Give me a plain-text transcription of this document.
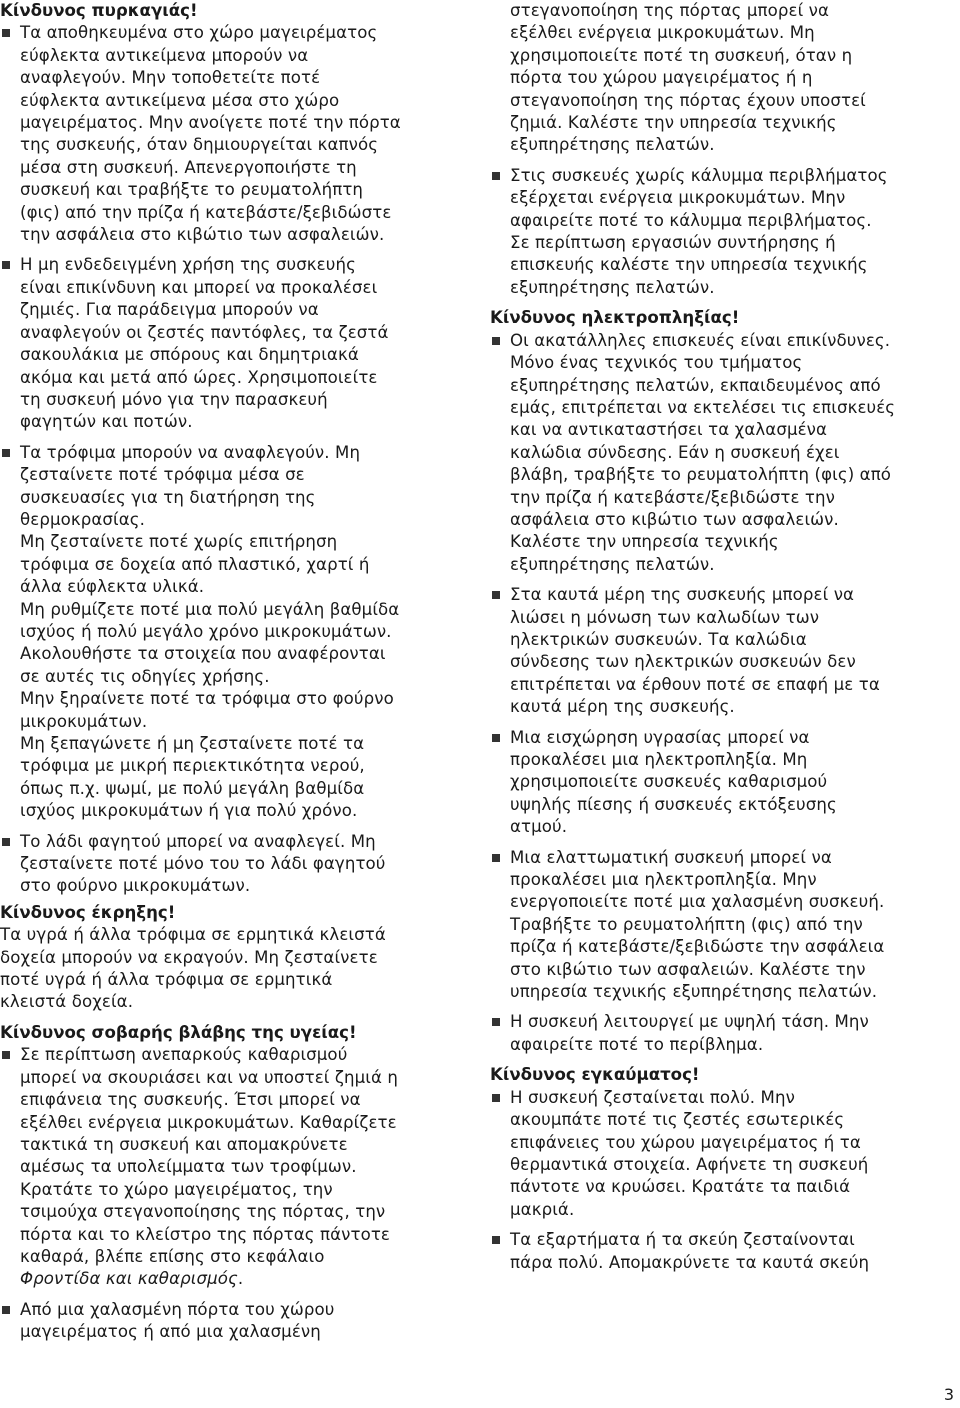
Κίνδυνος πυρκαγιάς!

Τα αποθηκευμένα στο χώρο μαγειρέματος
εύφλεκτα αντικείμενα μπορούν να
αναφλεγούν. Μην τοποθετείτε ποτέ
εύφλεκτα αντικείμενα μέσα στο χώρο
μαγειρέματος. Μην ανοίγετε ποτέ την πόρτα
της συσκευής, όταν δημιουργείται καπνός
μέσα στη συσκευή. Απενεργοποιήστε τη
συσκευή και τραβήξτε το ρευματολήπτη
(φις) από την πρίζα ή κατεβάστε/ξεβιδώστε
την ασφάλεια στο κιβώτιο των ασφαλειών.

Η μη ενδεδειγμένη χρήση της συσκευής
είναι επικίνδυνη και μπορεί να προκαλέσει
ζημιές. Για παράδειγμα μπορούν να
αναφλεγούν οι ζεστές παντόφλες, τα ζεστά
σακουλάκια με σπόρους και δημητριακά
ακόμα και μετά από ώρες. Χρησιμοποιείτε
τη συσκευή μόνο για την παρασκευή
φαγητών και ποτών.

Τα τρόφιμα μπορούν να αναφλεγούν. Μη
ζεσταίνετε ποτέ τρόφιμα μέσα σε
συσκευασίες για τη διατήρηση της
θερμοκρασίας.
Μη ζεσταίνετε ποτέ χωρίς επιτήρηση
τρόφιμα σε δοχεία από πλαστικό, χαρτί ή
άλλα εύφλεκτα υλικά.
Μη ρυθμίζετε ποτέ μια πολύ μεγάλη βαθμίδα
ισχύος ή πολύ μεγάλο χρόνο μικροκυμάτων.
Ακολουθήστε τα στοιχεία που αναφέρονται
σε αυτές τις οδηγίες χρήσης.
Μην ξηραίνετε ποτέ τα τρόφιμα στο φούρνο
μικροκυμάτων.
Μη ξεπαγώνετε ή μη ζεσταίνετε ποτέ τα
τρόφιμα με μικρή περιεκτικότητα νερού,
όπως π.χ. ψωμί, με πολύ μεγάλη βαθμίδα
ισχύος μικροκυμάτων ή για πολύ χρόνο.

Το λάδι φαγητού μπορεί να αναφλεγεί. Μη
ζεσταίνετε ποτέ μόνο του το λάδι φαγητού
στο φούρνο μικροκυμάτων.

Κίνδυνος έκρηξης!

Τα υγρά ή άλλα τρόφιμα σε ερμητικά κλειστά
δοχεία μπορούν να εκραγούν. Μη ζεσταίνετε
ποτέ υγρά ή άλλα τρόφιμα σε ερμητικά
κλειστά δοχεία.

Κίνδυνος σοβαρής βλάβης της υγείας!

Σε περίπτωση ανεπαρκούς καθαρισμού
μπορεί να σκουριάσει και να υποστεί ζημιά η
επιφάνεια της συσκευής. Έτσι μπορεί να
εξέλθει ενέργεια μικροκυμάτων. Καθαρίζετε
τακτικά τη συσκευή και απομακρύνετε
αμέσως τα υπολείμματα των τροφίμων.
Κρατάτε το χώρο μαγειρέματος, την
τσιμούχα στεγανοποίησης της πόρτας, την
πόρτα και το κλείστρο της πόρτας πάντοτε
καθαρά, βλέπε επίσης στο κεφάλαιο
Φροντίδα και καθαρισμός.

Από μια χαλασμένη πόρτα του χώρου
μαγειρέματος ή από μια χαλασμένη

στεγανοποίηση της πόρτας μπορεί να
εξέλθει ενέργεια μικροκυμάτων. Μη
χρησιμοποιείτε ποτέ τη συσκευή, όταν η
πόρτα του χώρου μαγειρέματος ή η
στεγανοποίηση της πόρτας έχουν υποστεί
ζημιά. Καλέστε την υπηρεσία τεχνικής
εξυπηρέτησης πελατών.

Στις συσκευές χωρίς κάλυμμα περιβλήματος
εξέρχεται ενέργεια μικροκυμάτων. Μην
αφαιρείτε ποτέ το κάλυμμα περιβλήματος.
Σε περίπτωση εργασιών συντήρησης ή
επισκευής καλέστε την υπηρεσία τεχνικής
εξυπηρέτησης πελατών.

Κίνδυνος ηλεκτροπληξίας!

Οι ακατάλληλες επισκευές είναι επικίνδυνες.
Μόνο ένας τεχνικός του τμήματος
εξυπηρέτησης πελατών, εκπαιδευμένος από
εμάς, επιτρέπεται να εκτελέσει τις επισκευές
και να αντικαταστήσει τα χαλασμένα
καλώδια σύνδεσης. Εάν η συσκευή έχει
βλάβη, τραβήξτε το ρευματολήπτη (φις) από
την πρίζα ή κατεβάστε/ξεβιδώστε την
ασφάλεια στο κιβώτιο των ασφαλειών.
Καλέστε την υπηρεσία τεχνικής
εξυπηρέτησης πελατών.

Στα καυτά μέρη της συσκευής μπορεί να
λιώσει η μόνωση των καλωδίων των
ηλεκτρικών συσκευών. Τα καλώδια
σύνδεσης των ηλεκτρικών συσκευών δεν
επιτρέπεται να έρθουν ποτέ σε επαφή με τα
καυτά μέρη της συσκευής.

Μια εισχώρηση υγρασίας μπορεί να
προκαλέσει μια ηλεκτροπληξία. Μη
χρησιμοποιείτε συσκευές καθαρισμού
υψηλής πίεσης ή συσκευές εκτόξευσης
ατμού.

Μια ελαττωματική συσκευή μπορεί να
προκαλέσει μια ηλεκτροπληξία. Μην
ενεργοποιείτε ποτέ μια χαλασμένη συσκευή.
Τραβήξτε το ρευματολήπτη (φις) από την
πρίζα ή κατεβάστε/ξεβιδώστε την ασφάλεια
στο κιβώτιο των ασφαλειών. Καλέστε την
υπηρεσία τεχνικής εξυπηρέτησης πελατών.

Η συσκευή λειτουργεί με υψηλή τάση. Μην
αφαιρείτε ποτέ το περίβλημα.

Κίνδυνος εγκαύματος!

Η συσκευή ζεσταίνεται πολύ. Μην
ακουμπάτε ποτέ τις ζεστές εσωτερικές
επιφάνειες του χώρου μαγειρέματος ή τα
θερμαντικά στοιχεία. Αφήνετε τη συσκευή
πάντοτε να κρυώσει. Κρατάτε τα παιδιά
μακριά.

Τα εξαρτήματα ή τα σκεύη ζεσταίνονται
πάρα πολύ. Απομακρύνετε τα καυτά σκεύη

3
